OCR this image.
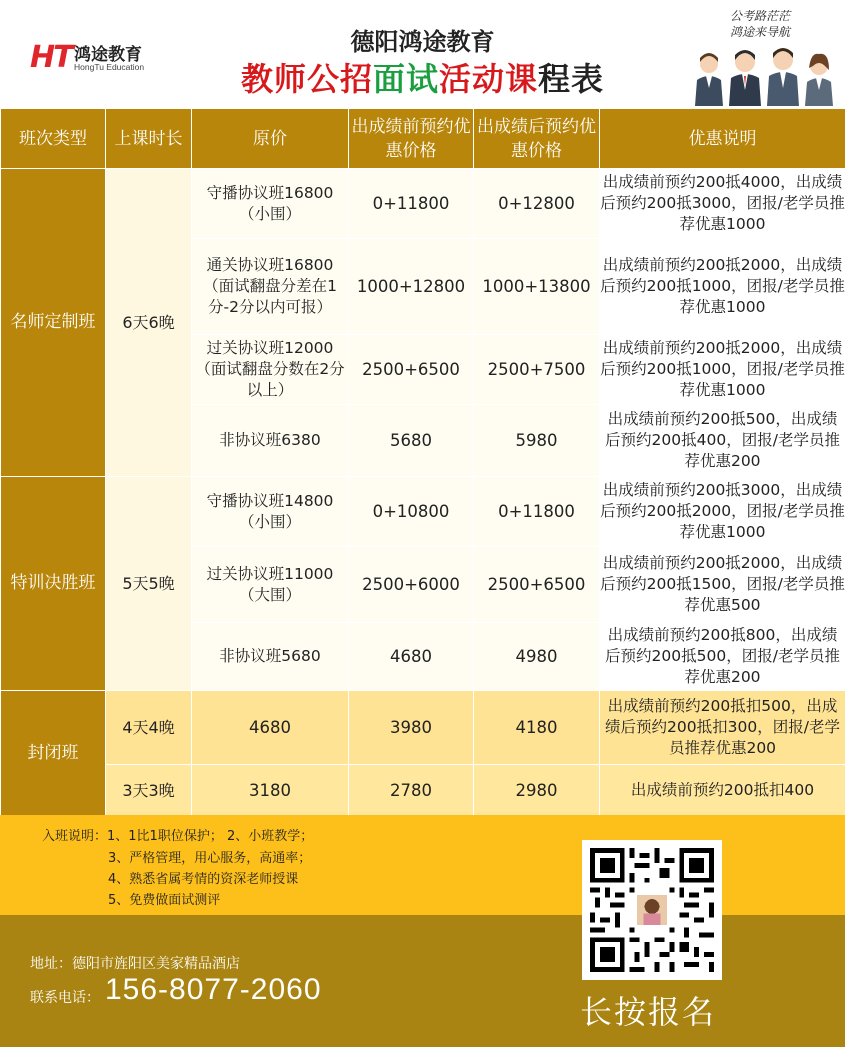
HT 鸿途教育
HongTu Education
德阳鸿途教育
教师公招面试活动课程表
公考路茫茫
鸿途来导航
班次类型	上课时长	原价	出成绩前预约优惠价格	出成绩后预约优惠价格	优惠说明
名师定制班	6天6晚	守播协议班16800（小围）	0+11800	0+12800	出成绩前预约200抵4000，出成绩后预约200抵3000，团报/老学员推荐优惠1000
		通关协议班16800（面试翻盘分差在1分-2分以内可报）	1000+12800	1000+13800	出成绩前预约200抵2000，出成绩后预约200抵1000，团报/老学员推荐优惠1000
		过关协议班12000（面试翻盘分数在2分以上）	2500+6500	2500+7500	出成绩前预约200抵2000，出成绩后预约200抵1000，团报/老学员推荐优惠1000
		非协议班6380	5680	5980	出成绩前预约200抵500，出成绩后预约200抵400，团报/老学员推荐优惠200
特训决胜班	5天5晚	守播协议班14800（小围）	0+10800	0+11800	出成绩前预约200抵3000，出成绩后预约200抵2000，团报/老学员推荐优惠1000
		过关协议班11000（大围）	2500+6000	2500+6500	出成绩前预约200抵2000，出成绩后预约200抵1500，团报/老学员推荐优惠500
		非协议班5680	4680	4980	出成绩前预约200抵800，出成绩后预约200抵500，团报/老学员推荐优惠200
封闭班	4天4晚	4680	3980	4180	出成绩前预约200抵扣500，出成绩后预约200抵扣300，团报/老学员推荐优惠200
	3天3晚	3180	2780	2980	出成绩前预约200抵扣400
入班说明：1、1比1职位保护； 2、小班教学；
3、严格管理，用心服务，高通率；
4、熟悉省属考情的资深老师授课
5、免费做面试测评
地址：德阳市旌阳区美家精品酒店
联系电话： 156-8077-2060
长按报名
